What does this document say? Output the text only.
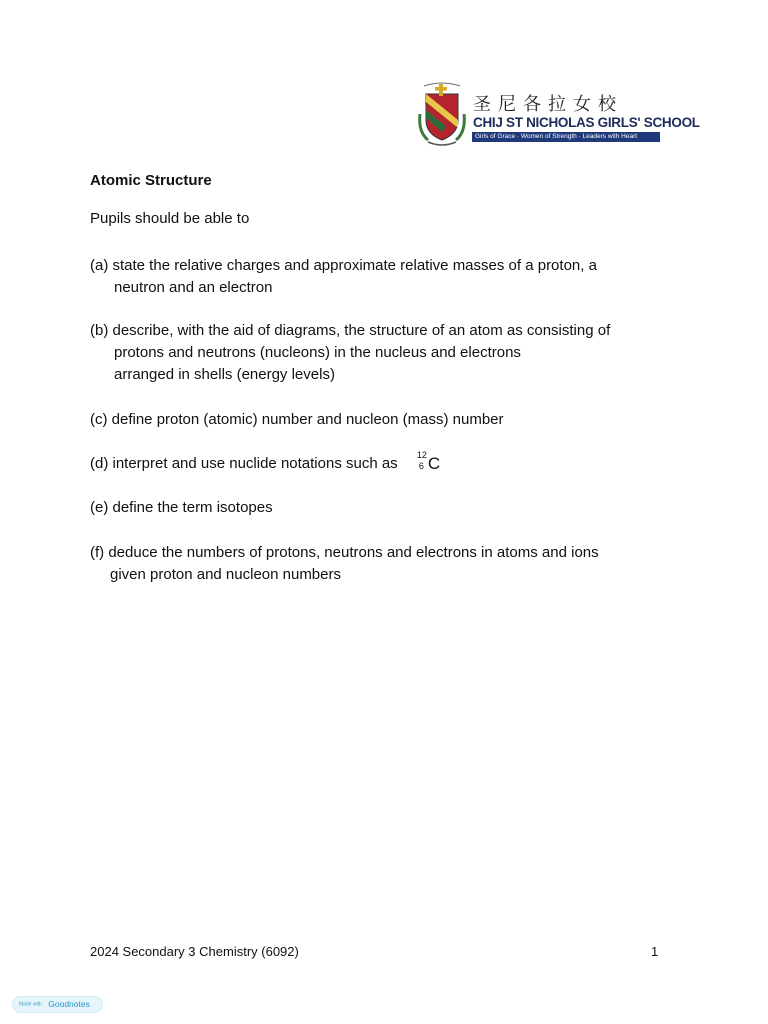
圣尼各拉女校
CHIJ ST NICHOLAS GIRLS' SCHOOL
Girls of Grace · Women of Strength · Leaders with Heart
Atomic Structure
Pupils should be able to
(a) state the relative charges and approximate relative masses of a proton, a
neutron and an electron
(b) describe, with the aid of diagrams, the structure of an atom as consisting of
protons and neutrons (nucleons) in the nucleus and electrons
arranged in shells (energy levels)
(c) define proton (atomic) number and nucleon (mass) number
(d) interpret and use nuclide notations such as 12
6 C
(e) define the term isotopes
(f) deduce the numbers of protons, neutrons and electrons in atoms and ions
given proton and nucleon numbers
2024 Secondary 3 Chemistry (6092)	1
Made with Goodnotes
